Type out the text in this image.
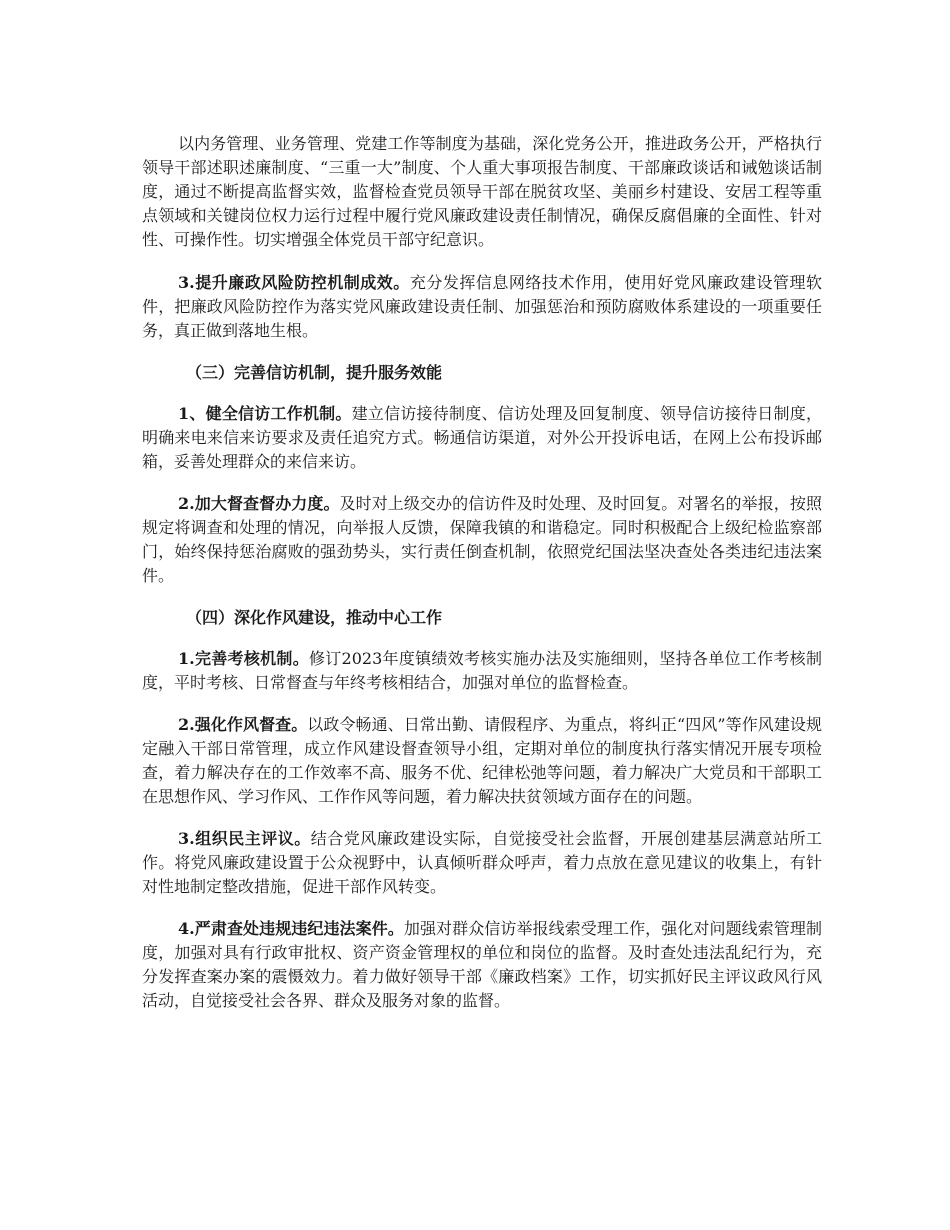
以内务管理、业务管理、党建工作等制度为基础，深化党务公开，推进政务公开，严格执行领导干部述职述廉制度、“三重一大”制度、个人重大事项报告制度、干部廉政谈话和诫勉谈话制度，通过不断提高监督实效，监督检查党员领导干部在脱贫攻坚、美丽乡村建设、安居工程等重点领域和关键岗位权力运行过程中履行党风廉政建设责任制情况，确保反腐倡廉的全面性、针对性、可操作性。切实增强全体党员干部守纪意识。

3.提升廉政风险防控机制成效。充分发挥信息网络技术作用，使用好党风廉政建设管理软件，把廉政风险防控作为落实党风廉政建设责任制、加强惩治和预防腐败体系建设的一项重要任务，真正做到落地生根。

（三）完善信访机制，提升服务效能

1、健全信访工作机制。建立信访接待制度、信访处理及回复制度、领导信访接待日制度，明确来电来信来访要求及责任追究方式。畅通信访渠道，对外公开投诉电话，在网上公布投诉邮箱，妥善处理群众的来信来访。

2.加大督查督办力度。及时对上级交办的信访件及时处理、及时回复。对署名的举报，按照规定将调查和处理的情况，向举报人反馈，保障我镇的和谐稳定。同时积极配合上级纪检监察部门，始终保持惩治腐败的强劲势头，实行责任倒查机制，依照党纪国法坚决查处各类违纪违法案件。

（四）深化作风建设，推动中心工作

1.完善考核机制。修订2023年度镇绩效考核实施办法及实施细则，坚持各单位工作考核制度，平时考核、日常督查与年终考核相结合，加强对单位的监督检查。

2.强化作风督查。以政令畅通、日常出勤、请假程序、为重点，将纠正“四风”等作风建设规定融入干部日常管理，成立作风建设督查领导小组，定期对单位的制度执行落实情况开展专项检查，着力解决存在的工作效率不高、服务不优、纪律松弛等问题，着力解决广大党员和干部职工在思想作风、学习作风、工作作风等问题，着力解决扶贫领域方面存在的问题。

3.组织民主评议。结合党风廉政建设实际，自觉接受社会监督，开展创建基层满意站所工作。将党风廉政建设置于公众视野中，认真倾听群众呼声，着力点放在意见建议的收集上，有针对性地制定整改措施，促进干部作风转变。

4.严肃查处违规违纪违法案件。加强对群众信访举报线索受理工作，强化对问题线索管理制度，加强对具有行政审批权、资产资金管理权的单位和岗位的监督。及时查处违法乱纪行为，充分发挥查案办案的震慑效力。着力做好领导干部《廉政档案》工作，切实抓好民主评议政风行风活动，自觉接受社会各界、群众及服务对象的监督。
